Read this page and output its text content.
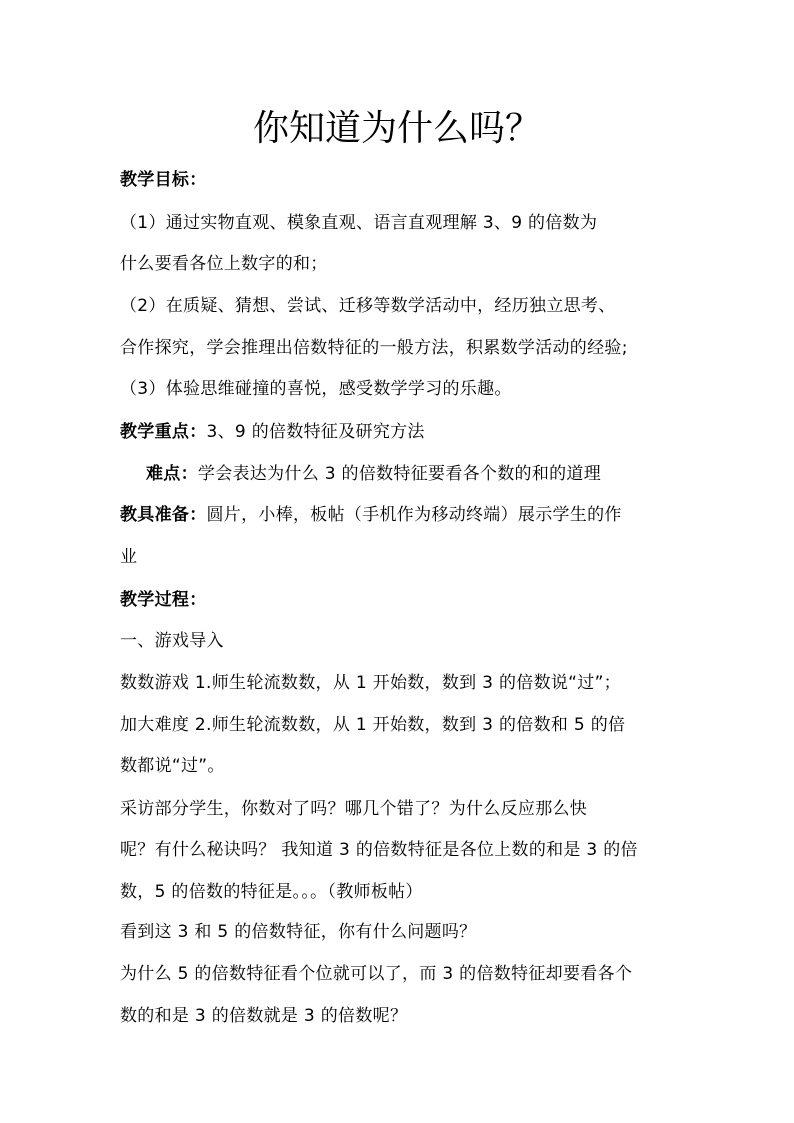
你知道为什么吗？
教学目标：
（1）通过实物直观、模象直观、语言直观理解 3、9 的倍数为
什么要看各位上数字的和；
（2）在质疑、猜想、尝试、迁移等数学活动中，经历独立思考、
合作探究，学会推理出倍数特征的一般方法，积累数学活动的经验;
（3）体验思维碰撞的喜悦，感受数学学习的乐趣。
教学重点：3、9 的倍数特征及研究方法
难点：学会表达为什么 3 的倍数特征要看各个数的和的道理
教具准备：圆片，小棒，板帖（手机作为移动终端）展示学生的作
业
教学过程：
一、游戏导入
数数游戏 1.师生轮流数数，从 1 开始数，数到 3 的倍数说“过”；
加大难度 2.师生轮流数数，从 1 开始数，数到 3 的倍数和 5 的倍
数都说“过”。
采访部分学生，你数对了吗？哪几个错了？为什么反应那么快
呢？有什么秘诀吗？ 我知道 3 的倍数特征是各位上数的和是 3 的倍
数，5 的倍数的特征是。。。（教师板帖）
看到这 3 和 5 的倍数特征，你有什么问题吗？
为什么 5 的倍数特征看个位就可以了，而 3 的倍数特征却要看各个
数的和是 3 的倍数就是 3 的倍数呢？
